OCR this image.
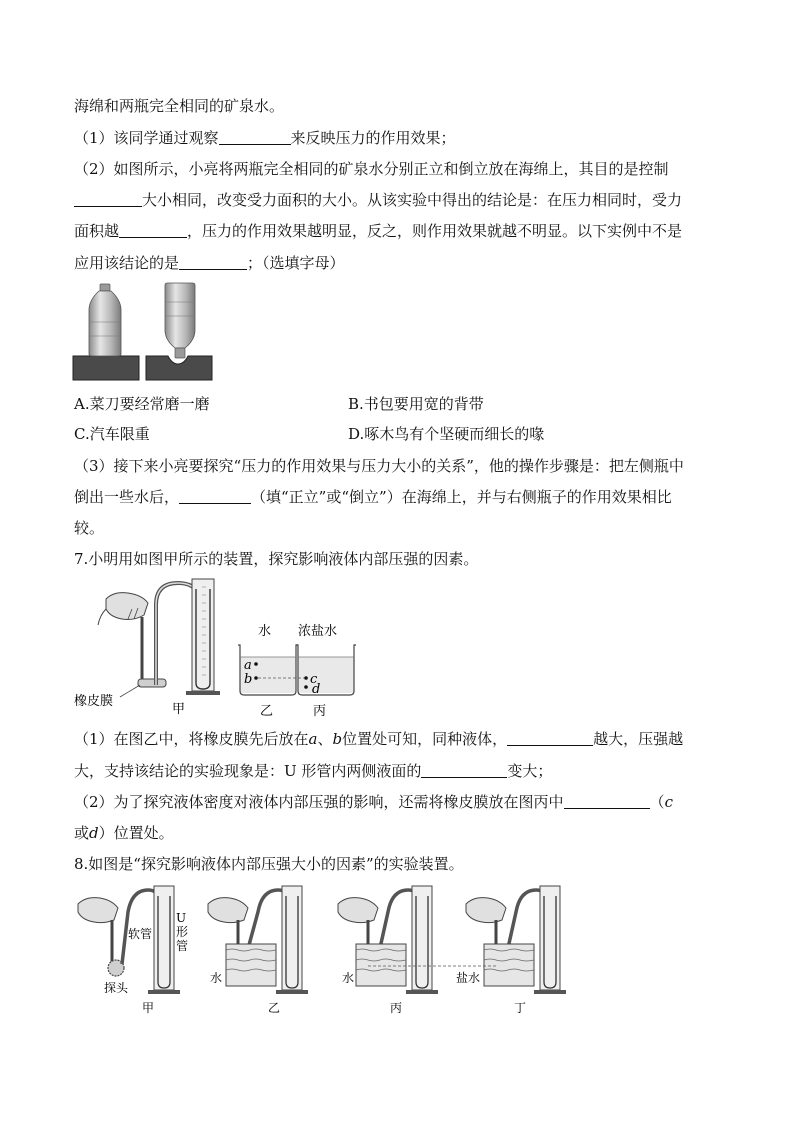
海绵和两瓶完全相同的矿泉水。
（1）该同学通过观察	来反映压力的作用效果；
（2）如图所示，小亮将两瓶完全相同的矿泉水分别正立和倒立放在海绵上，其目的是控制
大小相同，改变受力面积的大小。从该实验中得出的结论是：在压力相同时，受力
面积越	，压力的作用效果越明显，反之，则作用效果就越不明显。以下实例中不是
应用该结论的是	；（选填字母）
A.菜刀要经常磨一磨	B.书包要用宽的背带
C.汽车限重	D.啄木鸟有个坚硬而细长的喙
（3）接下来小亮要探究“压力的作用效果与压力大小的关系”，他的操作步骤是：把左侧瓶中
倒出一些水后，	（填“正立”或“倒立”）在海绵上，并与右侧瓶子的作用效果相比
较。
7.小明用如图甲所示的装置，探究影响液体内部压强的因素。
水 浓盐水
a
b	c
d
橡皮膜
甲	乙	丙
（1）在图乙中，将橡皮膜先后放在a、b位置处可知，同种液体，	越大，压强越
大，支持该结论的实验现象是：U 形管内两侧液面的	变大；
（2）为了探究液体密度对液体内部压强的影响，还需将橡皮膜放在图丙中	（c
或d）位置处。
8.如图是“探究影响液体内部压强大小的因素”的实验装置。
软管
U
形
管
探头
甲
水
乙
水
丙
盐水
丁
